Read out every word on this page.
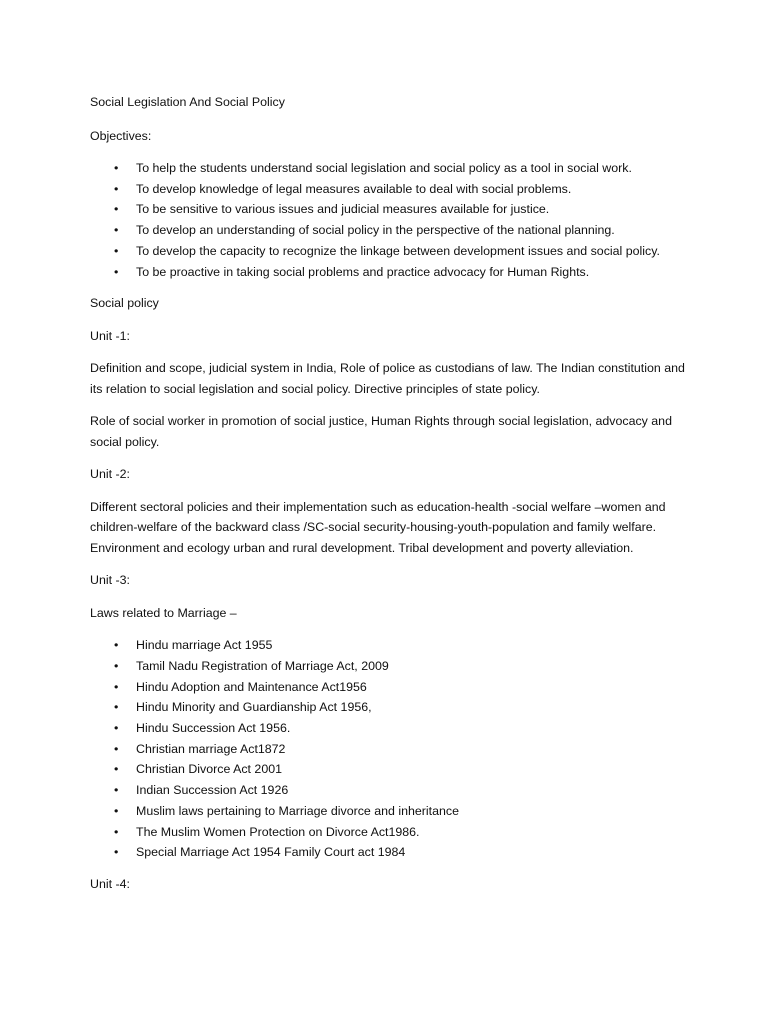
Social Legislation And Social Policy

Objectives:

• To help the students understand social legislation and social policy as a tool in social work.
• To develop knowledge of legal measures available to deal with social problems.
• To be sensitive to various issues and judicial measures available for justice.
• To develop an understanding of social policy in the perspective of the national planning.
• To develop the capacity to recognize the linkage between development issues and social policy.
• To be proactive in taking social problems and practice advocacy for Human Rights.

Social policy

Unit -1:

Definition and scope, judicial system in India, Role of police as custodians of law. The Indian constitution and its relation to social legislation and social policy. Directive principles of state policy.

Role of social worker in promotion of social justice, Human Rights through social legislation, advocacy and social policy.

Unit -2:

Different sectoral policies and their implementation such as education-health -social welfare –women and children-welfare of the backward class /SC-social security-housing-youth-population and family welfare. Environment and ecology urban and rural development. Tribal development and poverty alleviation.

Unit -3:

Laws related to Marriage –

• Hindu marriage Act 1955
• Tamil Nadu Registration of Marriage Act, 2009
• Hindu Adoption and Maintenance Act1956
• Hindu Minority and Guardianship Act 1956,
• Hindu Succession Act 1956.
• Christian marriage Act1872
• Christian Divorce Act 2001
• Indian Succession Act 1926
• Muslim laws pertaining to Marriage divorce and inheritance
• The Muslim Women Protection on Divorce Act1986.
• Special Marriage Act 1954 Family Court act 1984

Unit -4:
